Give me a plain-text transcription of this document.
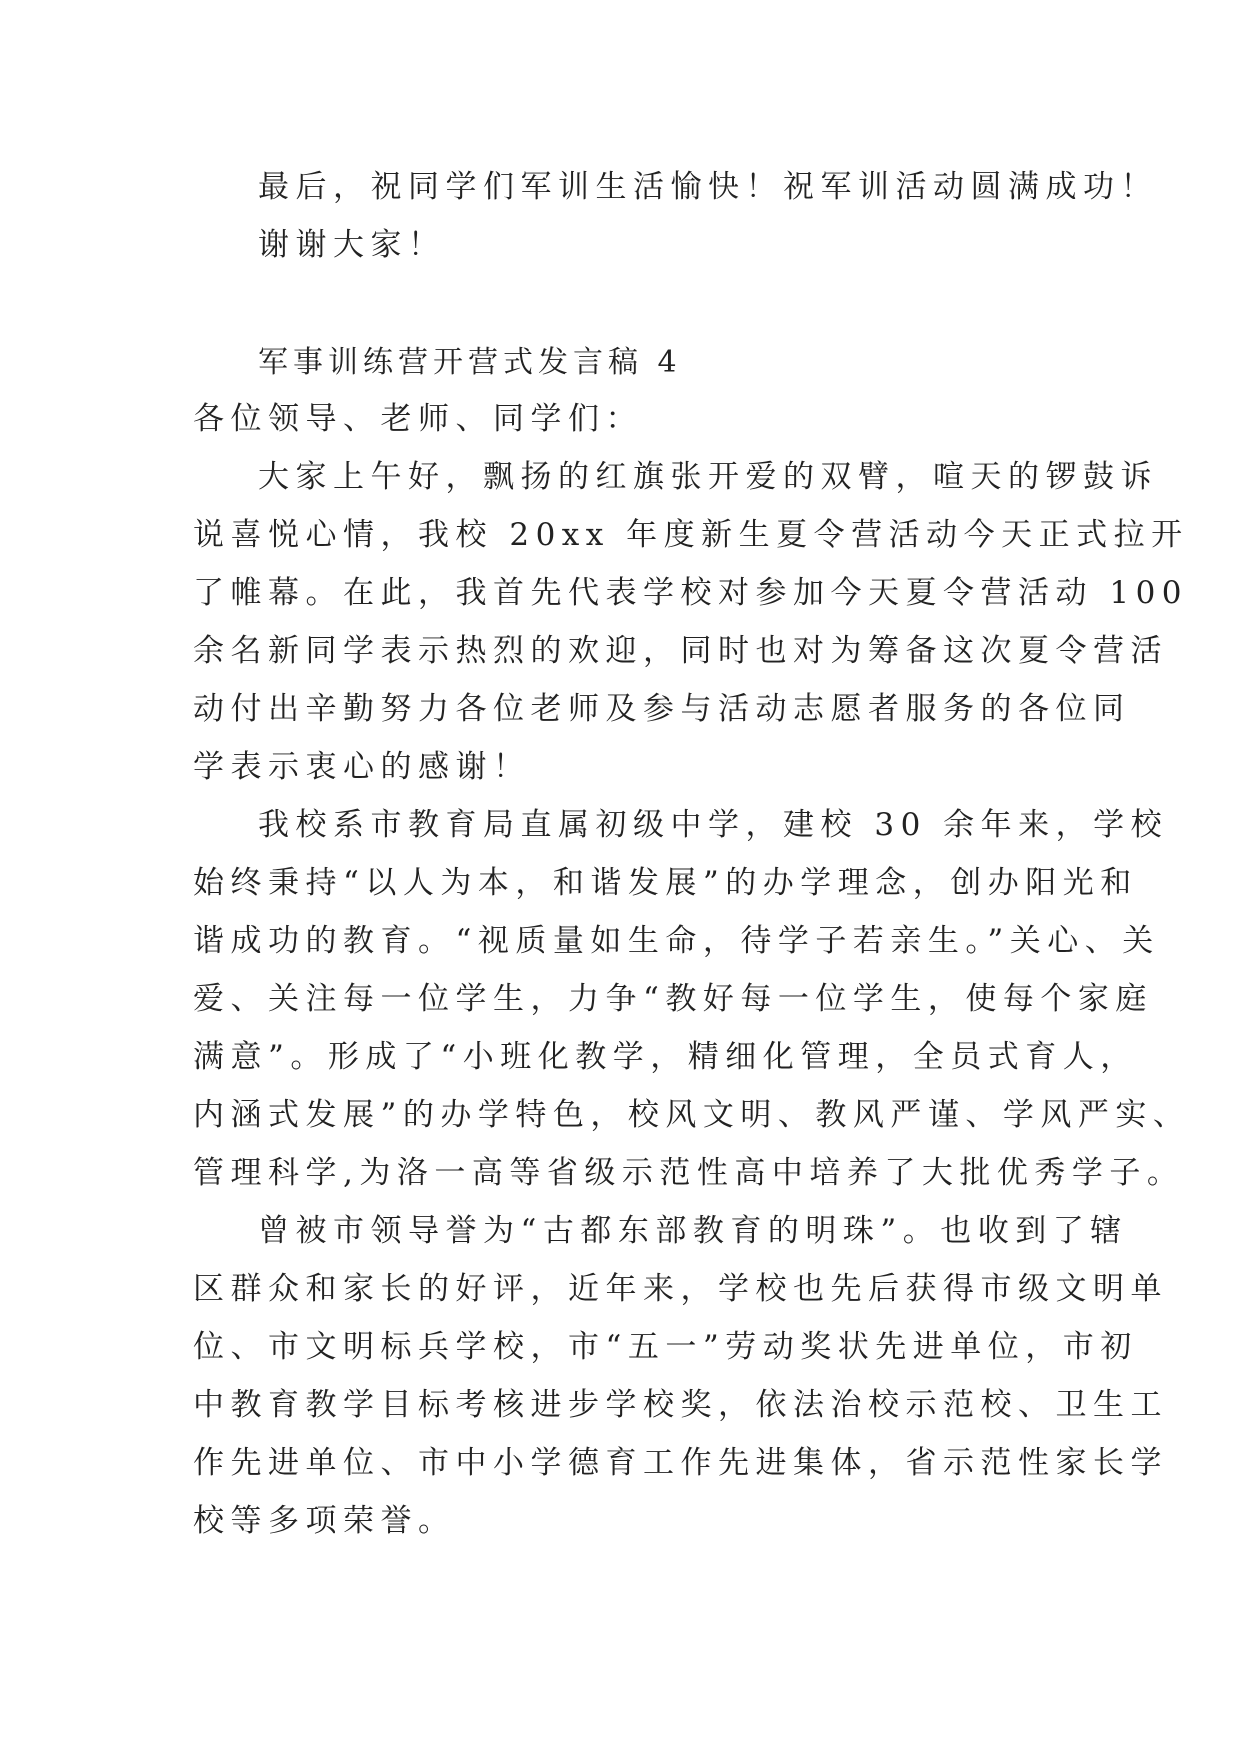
最后，祝同学们军训生活愉快！祝军训活动圆满成功！
谢谢大家！
军事训练营开营式发言稿 4
各位领导、老师、同学们：
大家上午好，飘扬的红旗张开爱的双臂，喧天的锣鼓诉
说喜悦心情，我校 20xx 年度新生夏令营活动今天正式拉开
了帷幕。在此，我首先代表学校对参加今天夏令营活动 100
余名新同学表示热烈的欢迎，同时也对为筹备这次夏令营活
动付出辛勤努力各位老师及参与活动志愿者服务的各位同
学表示衷心的感谢！
我校系市教育局直属初级中学，建校 30 余年来，学校
始终秉持“以人为本，和谐发展”的办学理念，创办阳光和
谐成功的教育。“视质量如生命，待学子若亲生。”关心、关
爱、关注每一位学生，力争“教好每一位学生，使每个家庭
满意”。形成了“小班化教学，精细化管理，全员式育人，
内涵式发展”的办学特色，校风文明、教风严谨、学风严实、
管理科学,为洛一高等省级示范性高中培养了大批优秀学子。
曾被市领导誉为“古都东部教育的明珠”。也收到了辖
区群众和家长的好评，近年来，学校也先后获得市级文明单
位、市文明标兵学校，市“五一”劳动奖状先进单位，市初
中教育教学目标考核进步学校奖，依法治校示范校、卫生工
作先进单位、市中小学德育工作先进集体，省示范性家长学
校等多项荣誉。
